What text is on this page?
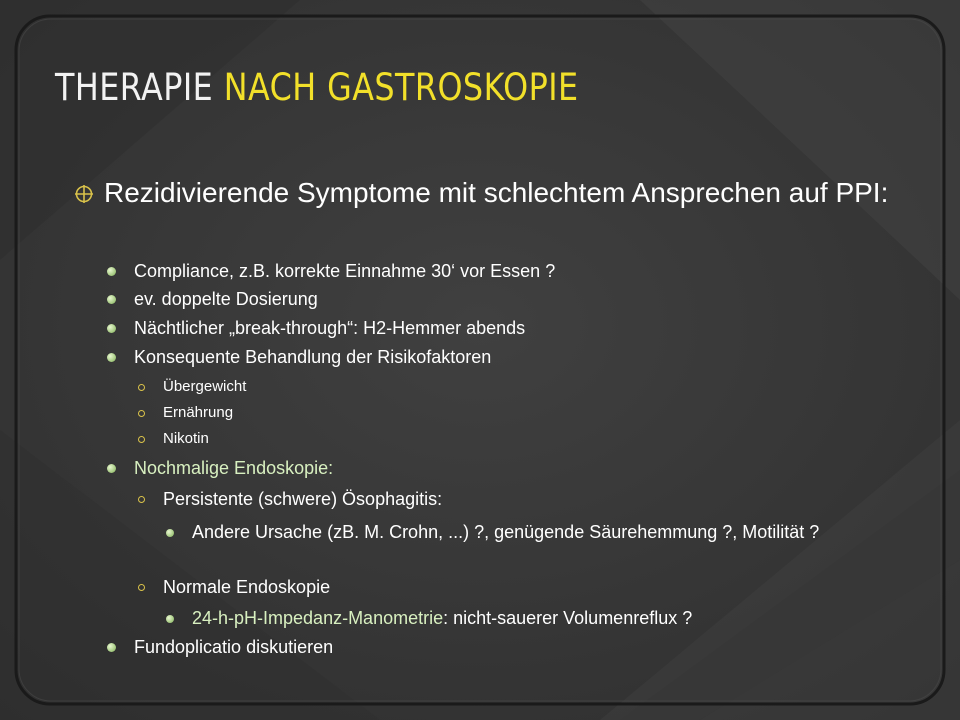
THERAPIE NACH GASTROSKOPIE
Rezidivierende Symptome mit schlechtem Ansprechen auf PPI:
Compliance, z.B. korrekte Einnahme 30‘ vor Essen ?
ev. doppelte Dosierung
Nächtlicher „break-through“: H2-Hemmer abends
Konsequente Behandlung der Risikofaktoren
Übergewicht
Ernährung
Nikotin
Nochmalige Endoskopie:
Persistente (schwere) Ösophagitis:
Andere Ursache (zB. M. Crohn, ...) ?, genügende Säurehemmung ?, Motilität ?
Normale Endoskopie
24-h-pH-Impedanz-Manometrie: nicht-sauerer Volumenreflux ?
Fundoplicatio diskutieren
